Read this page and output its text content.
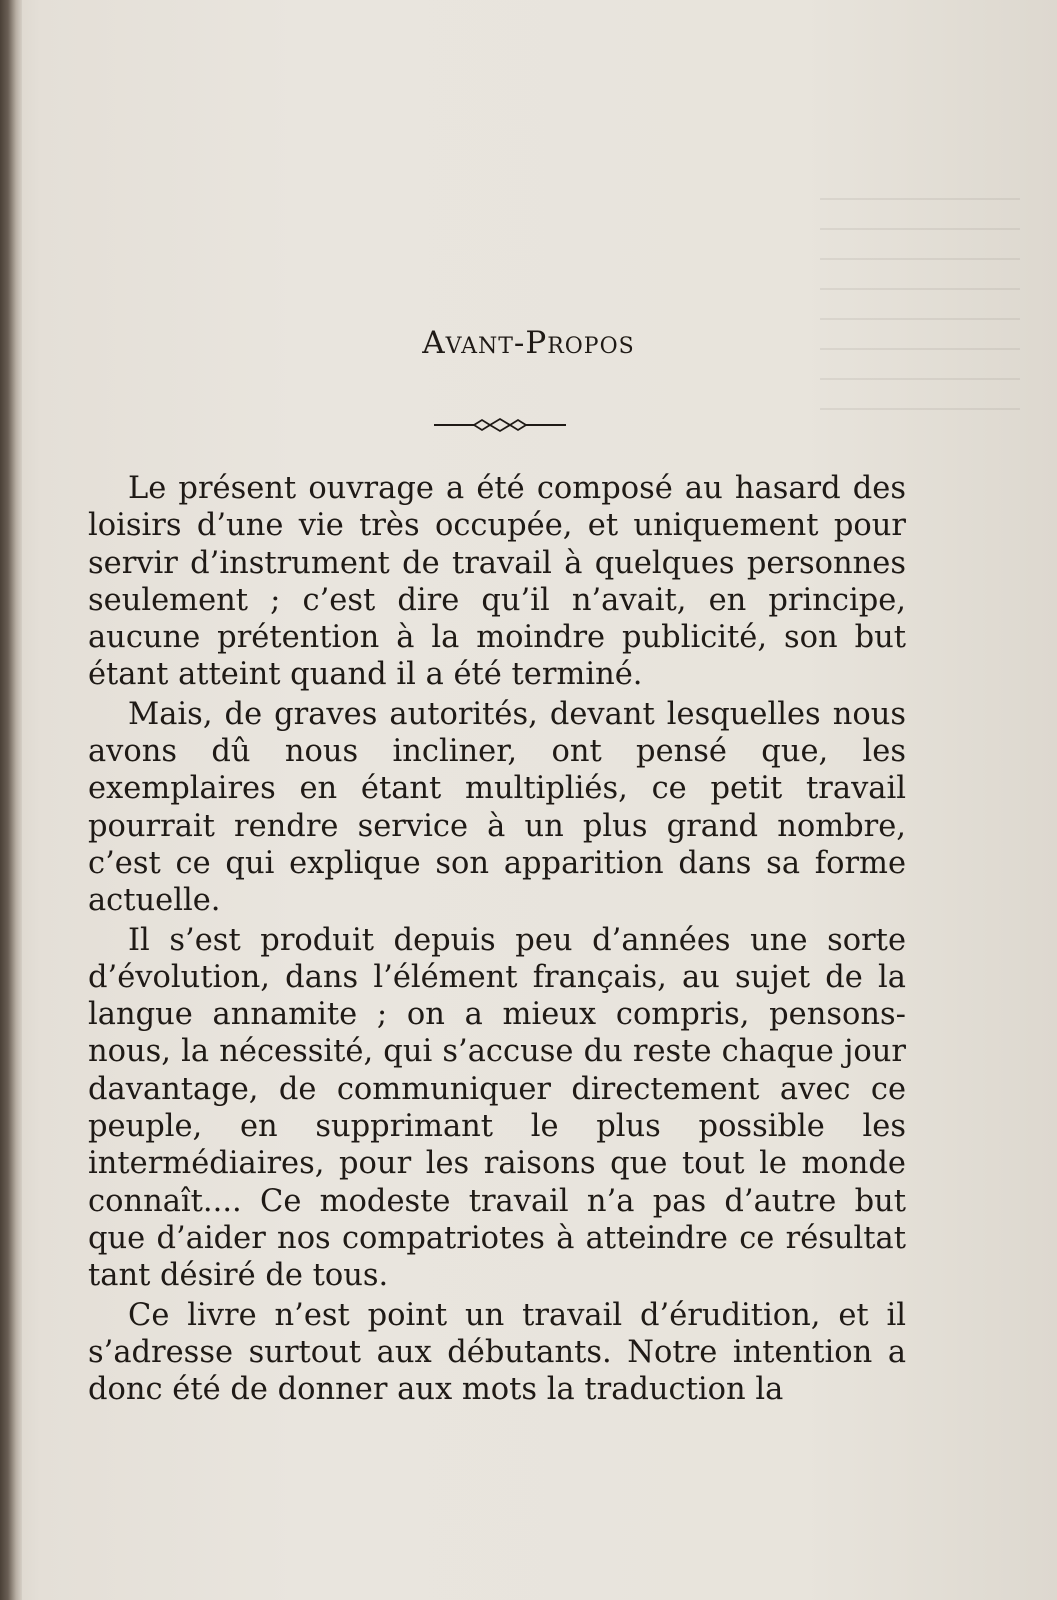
Avant-Propos

Le présent ouvrage a été composé au hasard des loisirs d’une vie très occupée, et uniquement pour servir d’instrument de travail à quelques personnes seulement ; c’est dire qu’il n’avait, en principe, aucune prétention à la moindre publicité, son but étant atteint quand il a été terminé.

Mais, de graves autorités, devant lesquelles nous avons dû nous incliner, ont pensé que, les exemplaires en étant multipliés, ce petit travail pourrait rendre service à un plus grand nombre, c’est ce qui explique son apparition dans sa forme actuelle.

Il s’est produit depuis peu d’années une sorte d’évolution, dans l’élément français, au sujet de la langue annamite ; on a mieux compris, pensons-nous, la nécessité, qui s’accuse du reste chaque jour davantage, de communiquer directement avec ce peuple, en supprimant le plus possible les intermédiaires, pour les raisons que tout le monde connaît.... Ce modeste travail n’a pas d’autre but que d’aider nos compatriotes à atteindre ce résultat tant désiré de tous.

Ce livre n’est point un travail d’érudition, et il s’adresse surtout aux débutants. Notre intention a donc été de donner aux mots la traduction la
